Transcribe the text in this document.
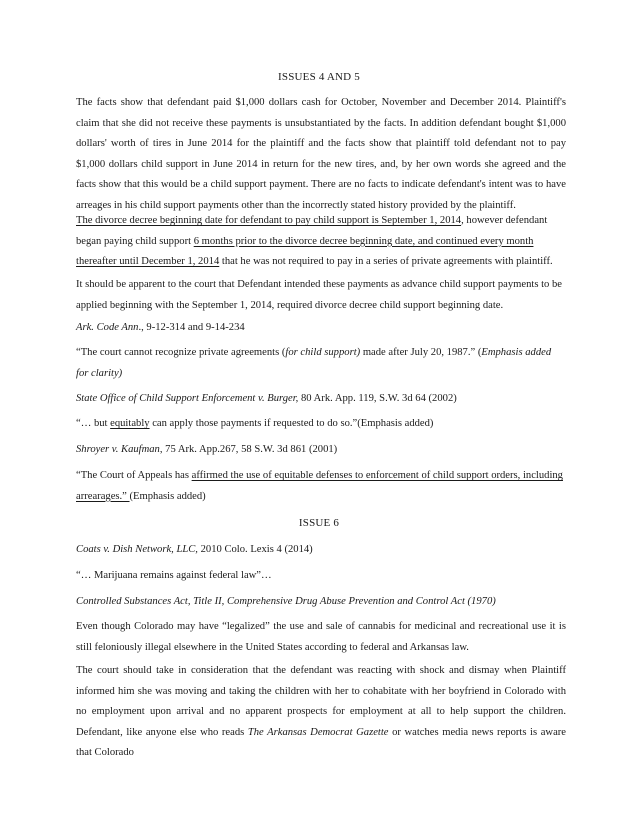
ISSUES 4 AND 5
The facts show that defendant paid $1,000 dollars cash for October, November and December 2014. Plaintiff's claim that she did not receive these payments is unsubstantiated by the facts. In addition defendant bought $1,000 dollars' worth of tires in June 2014 for the plaintiff and the facts show that plaintiff told defendant not to pay $1,000 dollars child support in June 2014 in return for the new tires, and, by her own words she agreed and the facts show that this would be a child support payment. There are no facts to indicate defendant's intent was to have arreages in his child support payments other than the incorrectly stated history provided by the plaintiff.
The divorce decree beginning date for defendant to pay child support is September 1, 2014, however defendant began paying child support 6 months prior to the divorce decree beginning date, and continued every month thereafter until December 1, 2014 that he was not required to pay in a series of private agreements with plaintiff.
It should be apparent to the court that Defendant intended these payments as advance child support payments to be applied beginning with the September 1, 2014, required divorce decree child support beginning date.
Ark. Code Ann., 9-12-314 and 9-14-234
“The court cannot recognize private agreements (for child support) made after July 20, 1987.” (Emphasis added for clarity)
State Office of Child Support Enforcement v. Burger, 80 Ark. App. 119, S.W. 3d 64 (2002)
“… but equitably can apply those payments if requested to do so.”(Emphasis added)
Shroyer v. Kaufman, 75 Ark. App.267, 58 S.W. 3d 861 (2001)
“The Court of Appeals has affirmed the use of equitable defenses to enforcement of child support orders, including arrearages.” (Emphasis added)
ISSUE 6
Coats v. Dish Network, LLC, 2010 Colo. Lexis 4 (2014)
“… Marijuana remains against federal law”…
Controlled Substances Act, Title II, Comprehensive Drug Abuse Prevention and Control Act (1970)
Even though Colorado may have “legalized” the use and sale of cannabis for medicinal and recreational use it is still feloniously illegal elsewhere in the United States according to federal and Arkansas law.
The court should take in consideration that the defendant was reacting with shock and dismay when Plaintiff informed him she was moving and taking the children with her to cohabitate with her boyfriend in Colorado with no employment upon arrival and no apparent prospects for employment at all to help support the children. Defendant, like anyone else who reads The Arkansas Democrat Gazette or watches media news reports is aware that Colorado
